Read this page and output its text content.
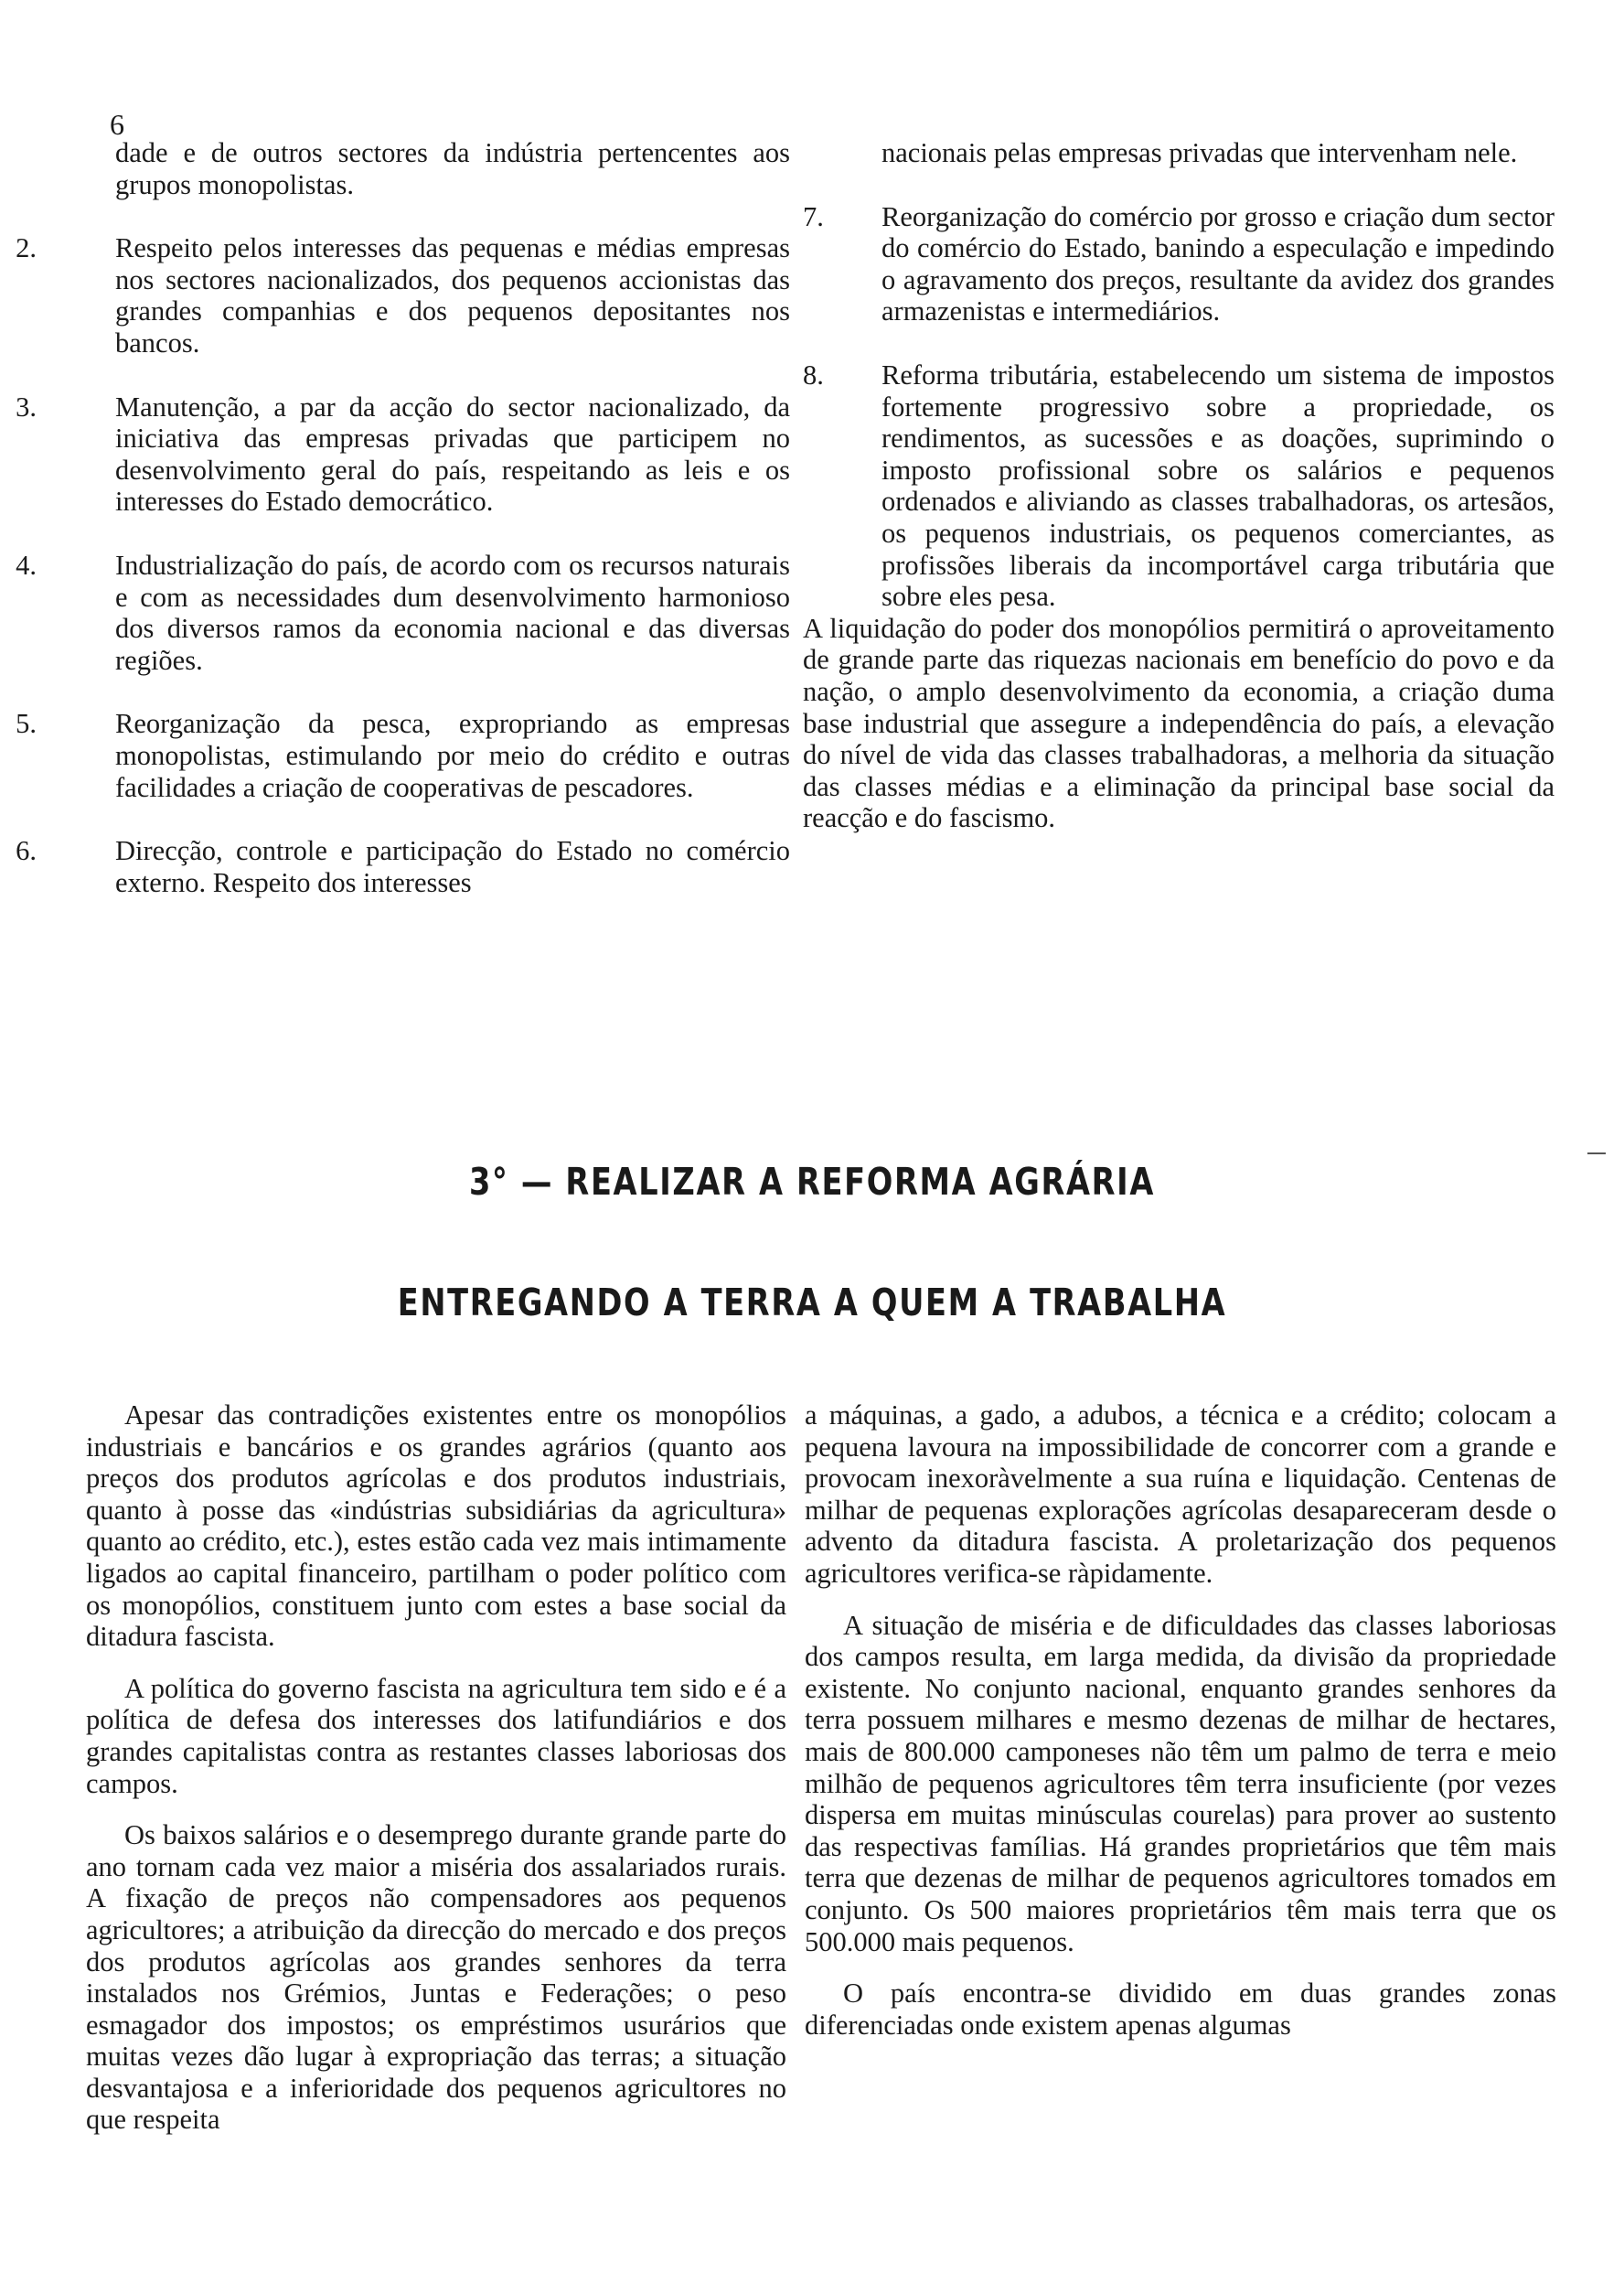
6

dade e de outros sectores da indústria pertencentes aos grupos monopolistas.

2.	Respeito pelos interesses das pequenas e médias empresas nos sectores nacionalizados, dos pequenos accionistas das grandes companhias e dos pequenos depositantes nos bancos.

3.	Manutenção, a par da acção do sector nacionalizado, da iniciativa das empresas privadas que participem no desenvolvimento geral do país, respeitando as leis e os interesses do Estado democrático.

4.	Industrialização do país, de acordo com os recursos naturais e com as necessidades dum desenvolvimento harmonioso dos diversos ramos da economia nacional e das diversas regiões.

5.	Reorganização da pesca, expropriando as empresas monopolistas, estimulando por meio do crédito e outras facilidades a criação de cooperativas de pescadores.

6.	Direcção, controle e participação do Estado no comércio externo. Respeito dos interesses

nacionais pelas empresas privadas que intervenham nele.

7.	Reorganização do comércio por grosso e criação dum sector do comércio do Estado, banindo a especulação e impedindo o agravamento dos preços, resultante da avidez dos grandes armazenistas e intermediários.

8.	Reforma tributária, estabelecendo um sistema de impostos fortemente progressivo sobre a propriedade, os rendimentos, as sucessões e as doações, suprimindo o imposto profissional sobre os salários e pequenos ordenados e aliviando as classes trabalhadoras, os artesãos, os pequenos industriais, os pequenos comerciantes, as profissões liberais da incomportável carga tributária que sobre eles pesa.

A liquidação do poder dos monopólios permitirá o aproveitamento de grande parte das riquezas nacionais em benefício do povo e da nação, o amplo desenvolvimento da economia, a criação duma base industrial que assegure a independência do país, a elevação do nível de vida das classes trabalhadoras, a melhoria da situação das classes médias e a eliminação da principal base social da reacção e do fascismo.

3° — REALIZAR A REFORMA AGRÁRIA
ENTREGANDO A TERRA A QUEM A TRABALHA

Apesar das contradições existentes entre os monopólios industriais e bancários e os grandes agrários (quanto aos preços dos produtos agrícolas e dos produtos industriais, quanto à posse das «indústrias subsidiárias da agricultura» quanto ao crédito, etc.), estes estão cada vez mais intimamente ligados ao capital financeiro, partilham o poder político com os monopólios, constituem junto com estes a base social da ditadura fascista.

A política do governo fascista na agricultura tem sido e é a política de defesa dos interesses dos latifundiários e dos grandes capitalistas contra as restantes classes laboriosas dos campos.

Os baixos salários e o desemprego durante grande parte do ano tornam cada vez maior a miséria dos assalariados rurais. A fixação de preços não compensadores aos pequenos agricultores; a atribuição da direcção do mercado e dos preços dos produtos agrícolas aos grandes senhores da terra instalados nos Grémios, Juntas e Federações; o peso esmagador dos impostos; os empréstimos usurários que muitas vezes dão lugar à expropriação das terras; a situação desvantajosa e a inferioridade dos pequenos agricultores no que respeita

a máquinas, a gado, a adubos, a técnica e a crédito; colocam a pequena lavoura na impossibilidade de concorrer com a grande e provocam inexoràvelmente a sua ruína e liquidação. Centenas de milhar de pequenas explorações agrícolas desapareceram desde o advento da ditadura fascista. A proletarização dos pequenos agricultores verifica-se ràpidamente.

A situação de miséria e de dificuldades das classes laboriosas dos campos resulta, em larga medida, da divisão da propriedade existente. No conjunto nacional, enquanto grandes senhores da terra possuem milhares e mesmo dezenas de milhar de hectares, mais de 800.000 camponeses não têm um palmo de terra e meio milhão de pequenos agricultores têm terra insuficiente (por vezes dispersa em muitas minúsculas courelas) para prover ao sustento das respectivas famílias. Há grandes proprietários que têm mais terra que dezenas de milhar de pequenos agricultores tomados em conjunto. Os 500 maiores proprietários têm mais terra que os 500.000 mais pequenos.

O país encontra-se dividido em duas grandes zonas diferenciadas onde existem apenas algumas
